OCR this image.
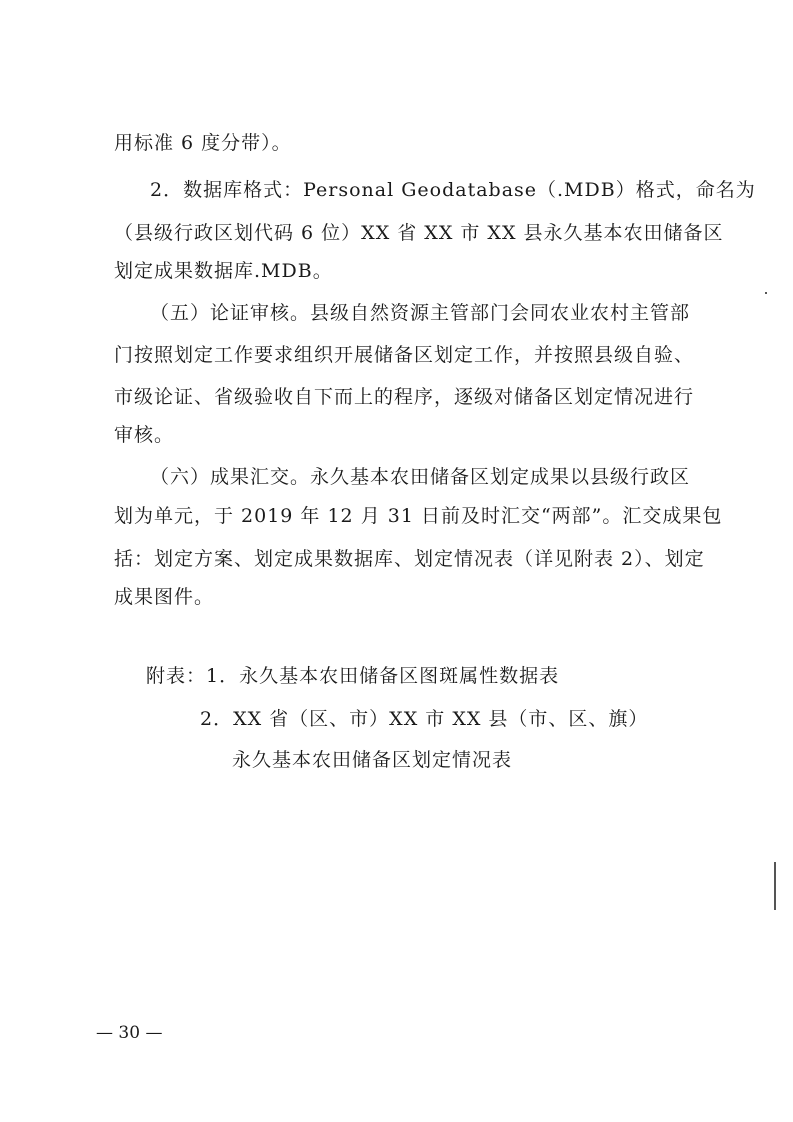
用标准 6 度分带）。
2．数据库格式：Personal Geodatabase（.MDB）格式，命名为
（县级行政区划代码 6 位）XX 省 XX 市 XX 县永久基本农田储备区
划定成果数据库.MDB。
（五）论证审核。县级自然资源主管部门会同农业农村主管部
门按照划定工作要求组织开展储备区划定工作，并按照县级自验、
市级论证、省级验收自下而上的程序，逐级对储备区划定情况进行
审核。
（六）成果汇交。永久基本农田储备区划定成果以县级行政区
划为单元，于 2019 年 12 月 31 日前及时汇交“两部”。汇交成果包
括：划定方案、划定成果数据库、划定情况表（详见附表 2）、划定
成果图件。
附表：1．永久基本农田储备区图斑属性数据表
2．XX 省（区、市）XX 市 XX 县（市、区、旗）
永久基本农田储备区划定情况表
— 30 —
